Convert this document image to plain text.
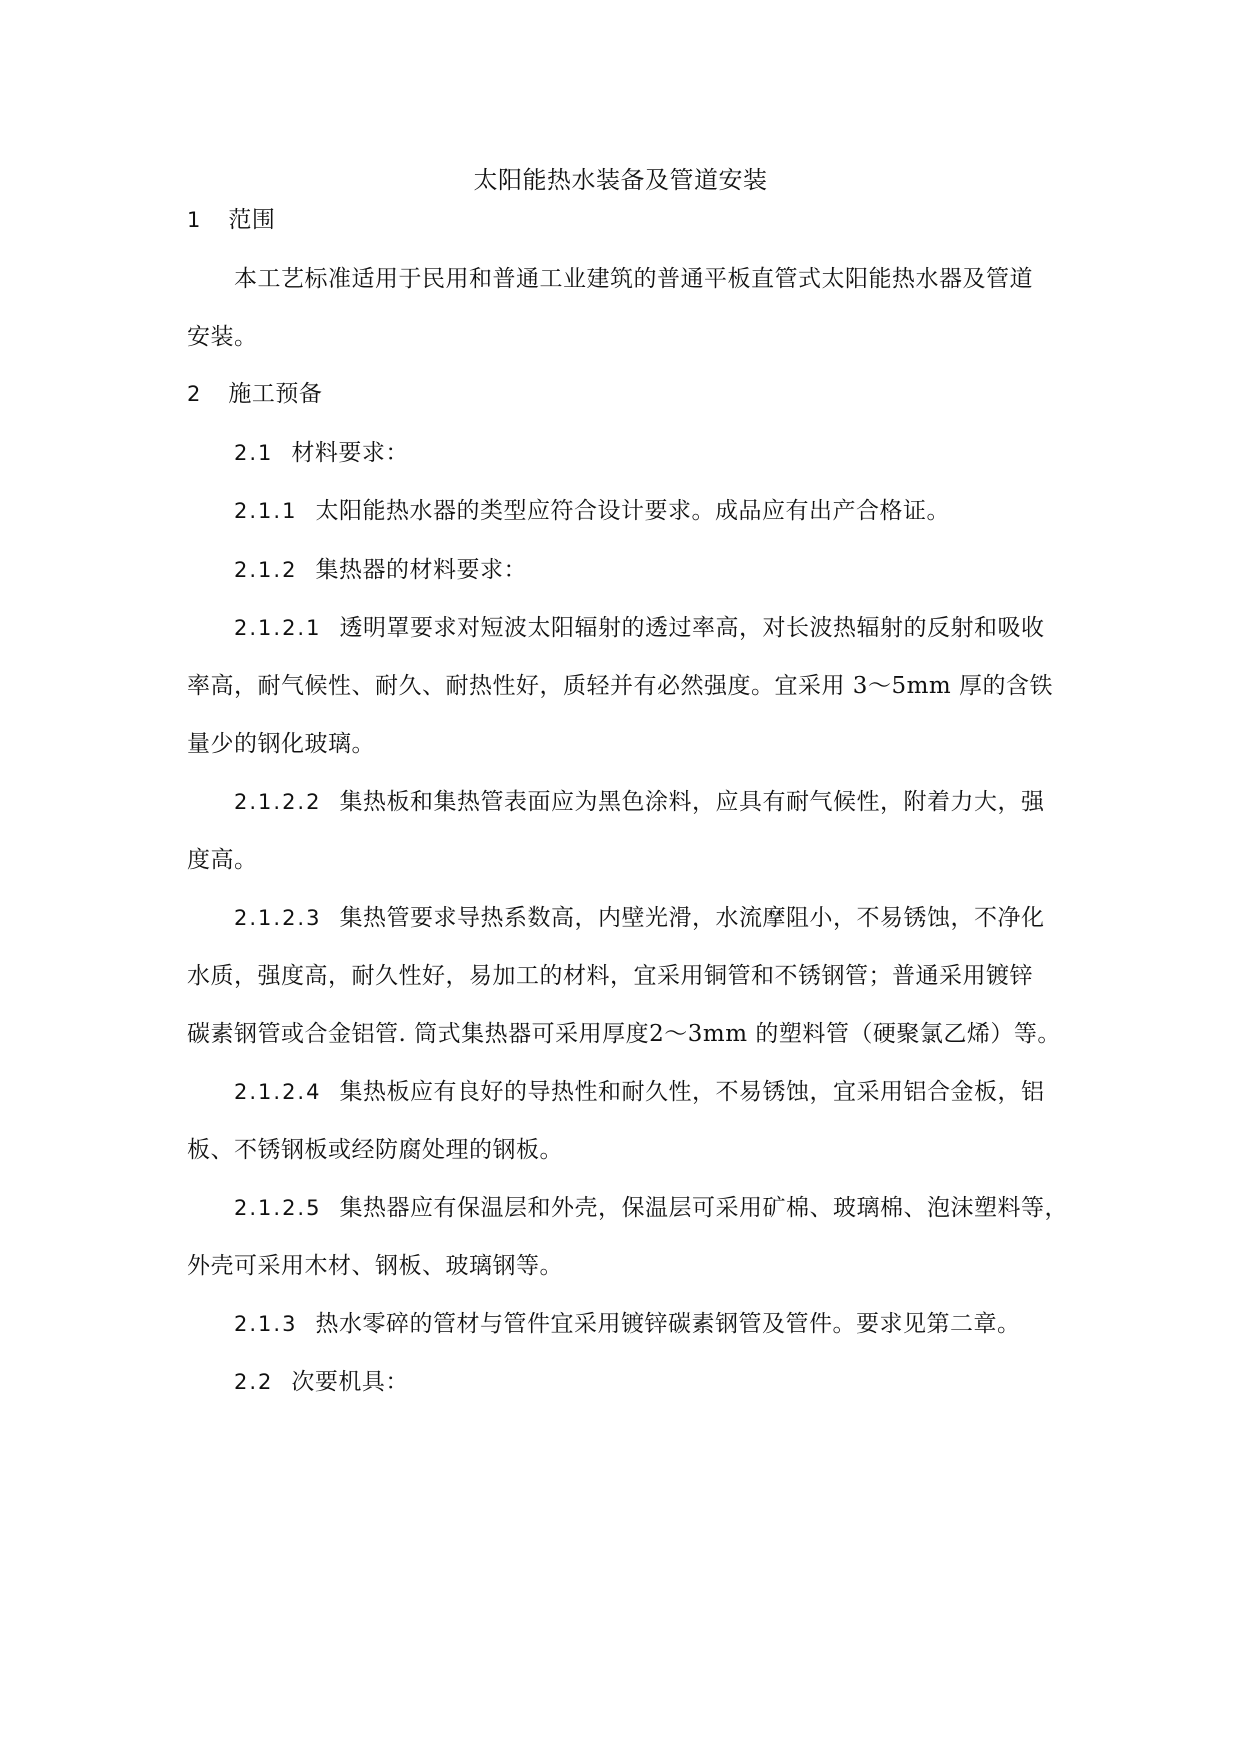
太阳能热水装备及管道安装
1 范围
本工艺标准适用于民用和普通工业建筑的普通平板直管式太阳能热水器及管道
安装。
2 施工预备
2.1 材料要求：
2.1.1 太阳能热水器的类型应符合设计要求。成品应有出产合格证。
2.1.2 集热器的材料要求：
2.1.2.1 透明罩要求对短波太阳辐射的透过率高，对长波热辐射的反射和吸收
率高，耐气候性、耐久、耐热性好，质轻并有必然强度。宜采用 3～5mm 厚的含铁
量少的钢化玻璃。
2.1.2.2 集热板和集热管表面应为黑色涂料，应具有耐气候性，附着力大，强
度高。
2.1.2.3 集热管要求导热系数高，内壁光滑，水流摩阻小，不易锈蚀，不净化
水质，强度高，耐久性好，易加工的材料，宜采用铜管和不锈钢管；普通采用镀锌
碳素钢管或合金铝管. 筒式集热器可采用厚度2～3mm 的塑料管（硬聚氯乙烯）等。
2.1.2.4 集热板应有良好的导热性和耐久性，不易锈蚀，宜采用铝合金板，铝
板、不锈钢板或经防腐处理的钢板。
2.1.2.5 集热器应有保温层和外壳，保温层可采用矿棉、玻璃棉、泡沫塑料等，
外壳可采用木材、钢板、玻璃钢等。
2.1.3 热水零碎的管材与管件宜采用镀锌碳素钢管及管件。要求见第二章。
2.2 次要机具：
